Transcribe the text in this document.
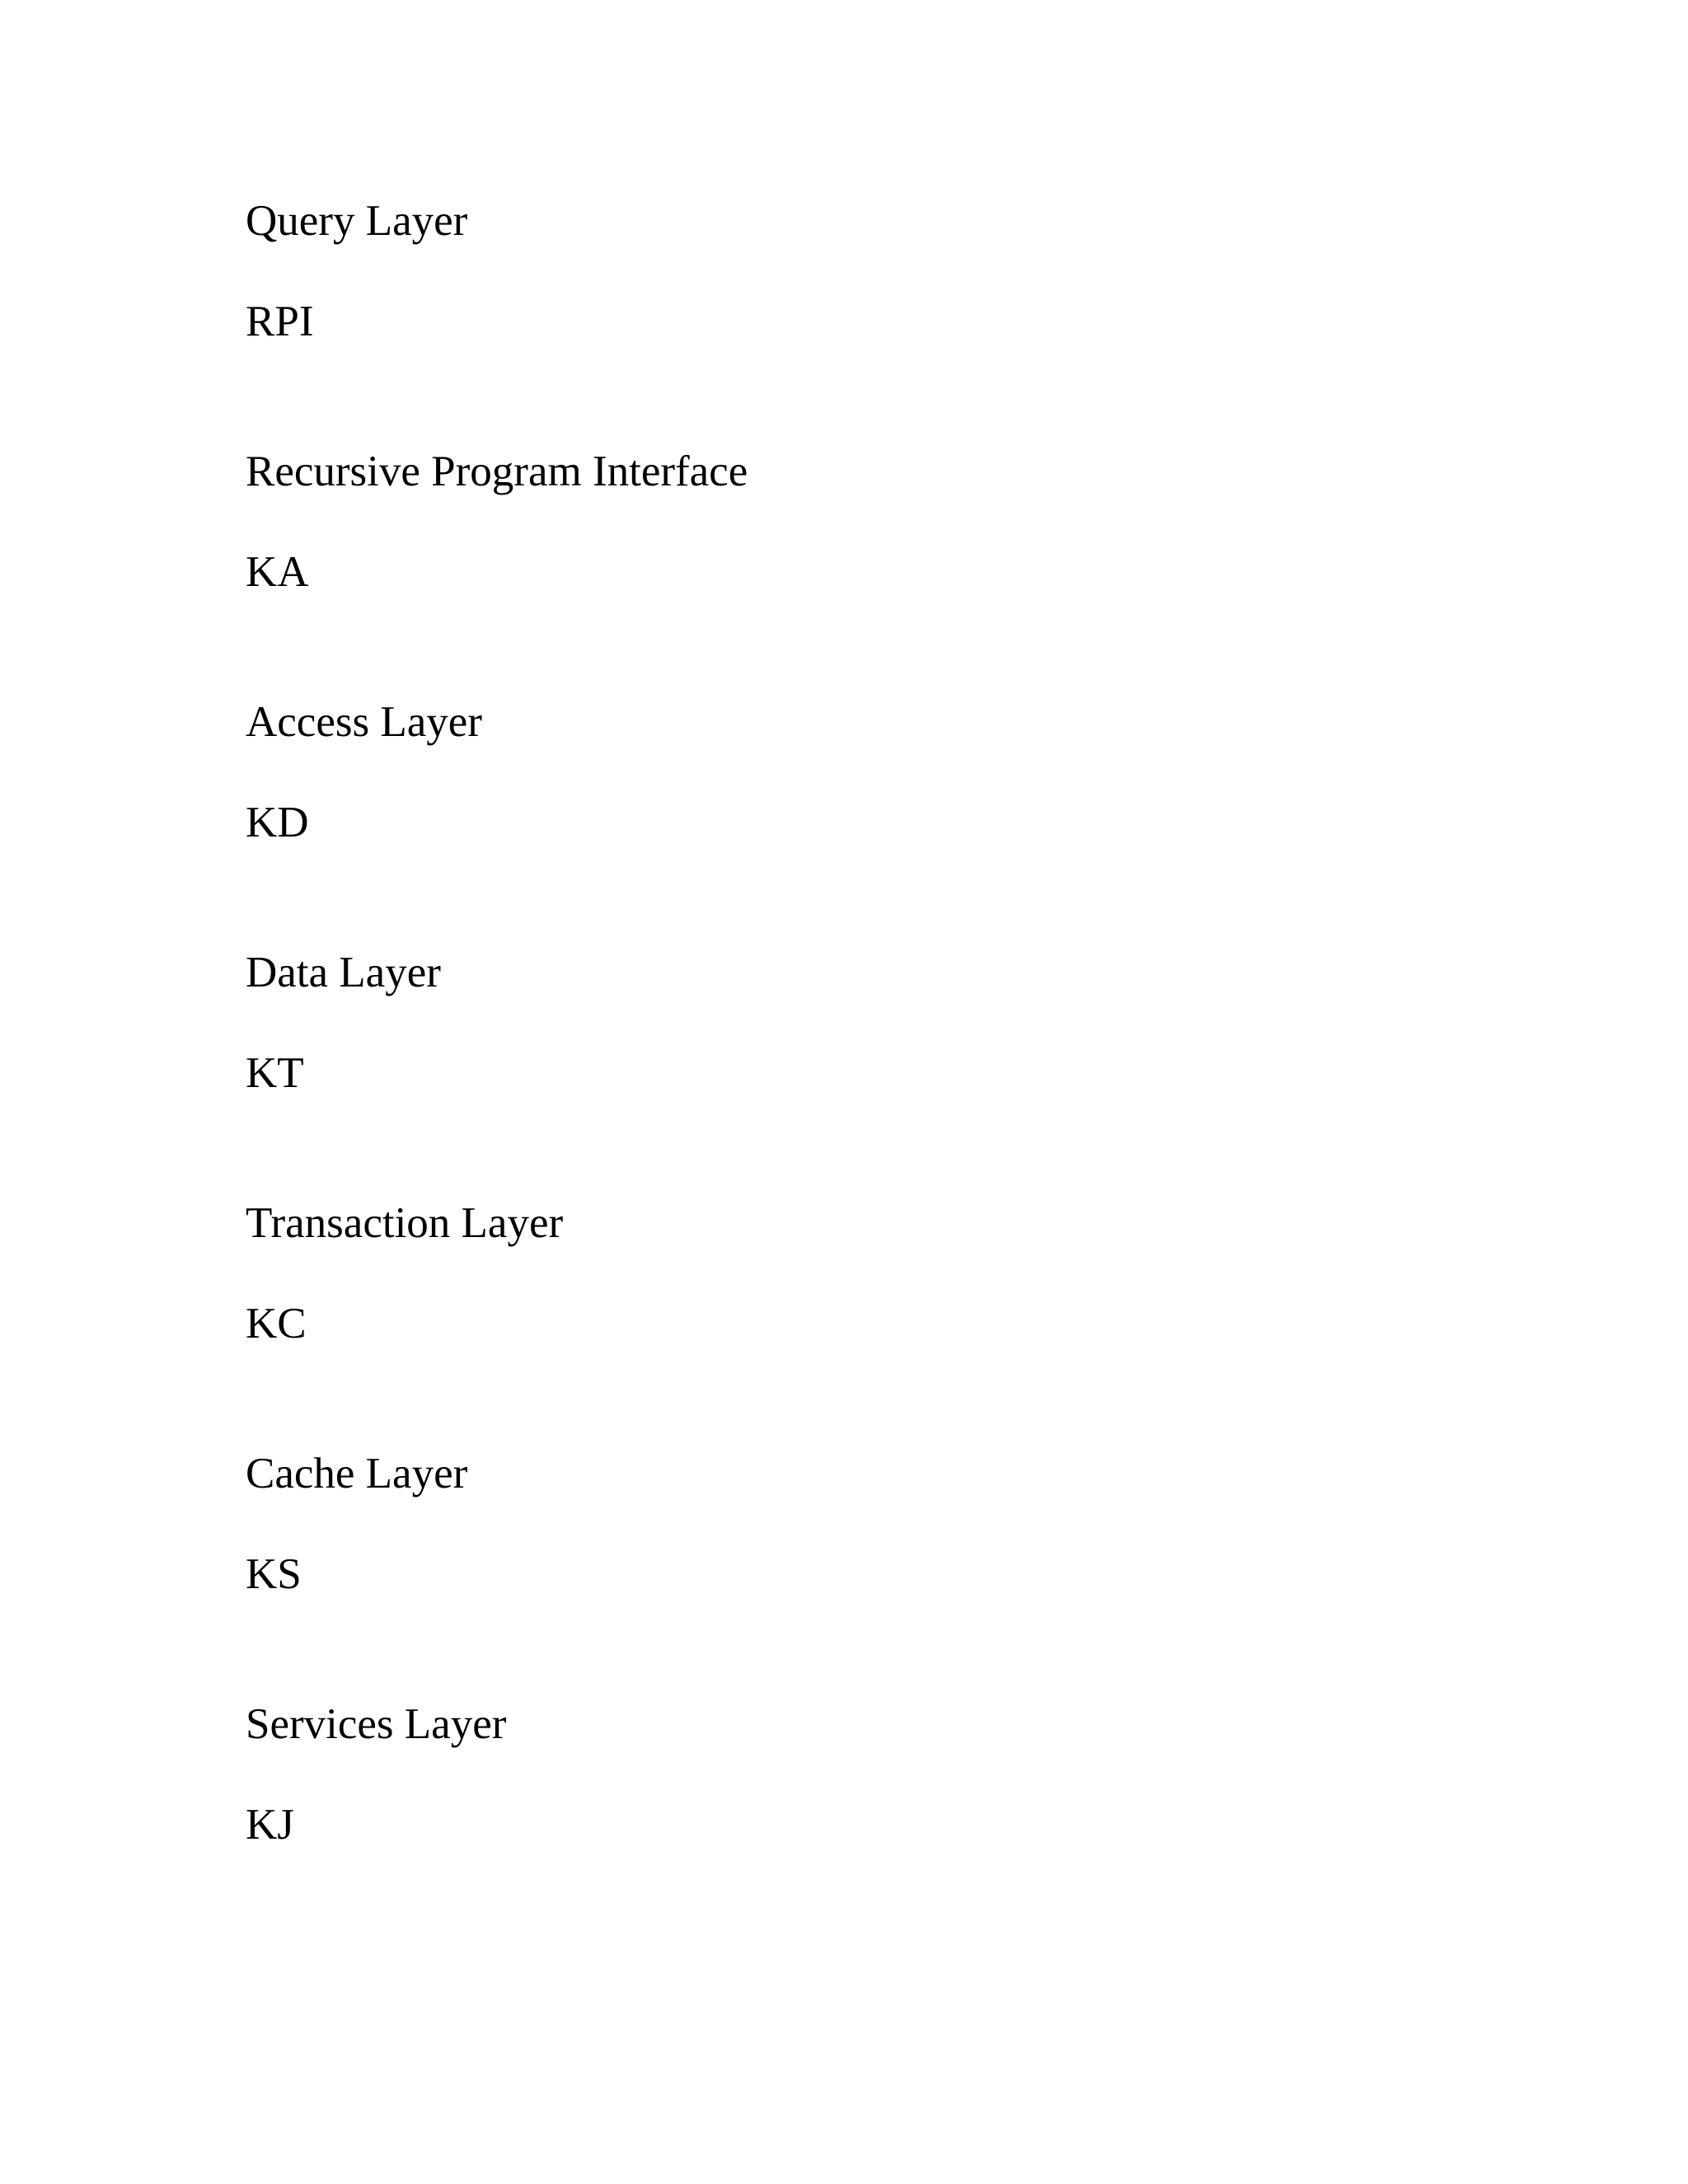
Query Layer
RPI
Recursive Program Interface
KA
Access Layer
KD
Data Layer
KT
Transaction Layer
KC
Cache Layer
KS
Services Layer
KJ
